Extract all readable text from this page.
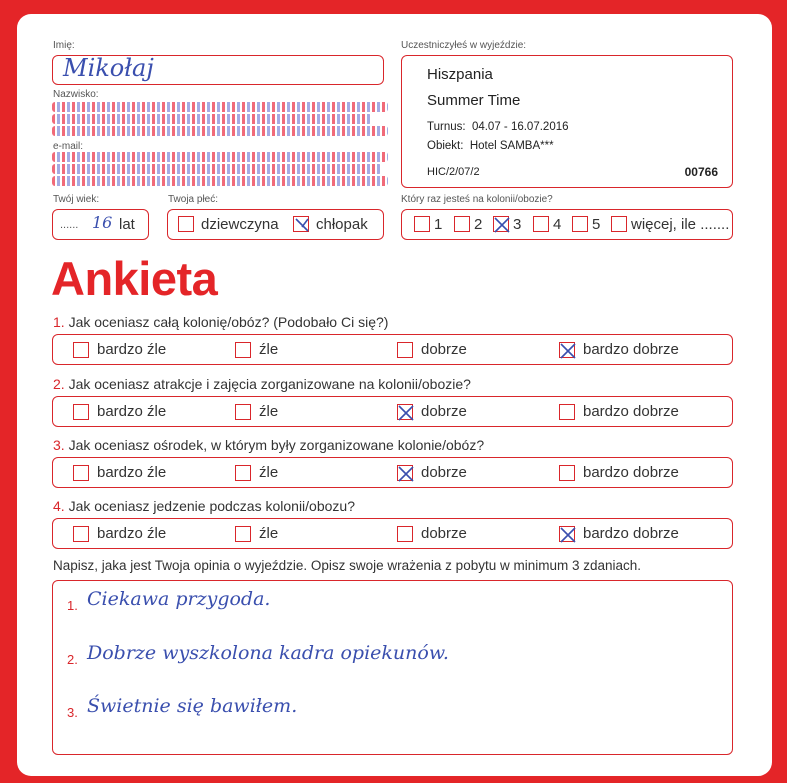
Imię:
Mikołaj
Nazwisko:
e-mail:
Uczestniczyłeś w wyjeździe:
Hiszpania
Summer Time
Turnus:  04.07 - 16.07.2016
Obiekt:  Hotel SAMBA***
HIC/2/07/2	00766
Twój wiek:
...... 16 lat
Twoja płeć:
dziewczyna chłopak
Który raz jesteś na kolonii/obozie?
1 2 3 4 5 więcej, ile .......
Ankieta
1. Jak oceniasz całą kolonię/obóz? (Podobało Ci się?)
bardzo źle	źle	dobrze	bardzo dobrze
2. Jak oceniasz atrakcje i zajęcia zorganizowane na kolonii/obozie?
bardzo źle	źle	dobrze	bardzo dobrze
3. Jak oceniasz ośrodek, w którym były zorganizowane kolonie/obóz?
bardzo źle	źle	dobrze	bardzo dobrze
4. Jak oceniasz jedzenie podczas kolonii/obozu?
bardzo źle	źle	dobrze	bardzo dobrze
Napisz, jaka jest Twoja opinia o wyjeździe. Opisz swoje wrażenia z pobytu w minimum 3 zdaniach.
1. Ciekawa przygoda.
2. Dobrze wyszkolona kadra opiekunów.
3. Świetnie się bawiłem.
